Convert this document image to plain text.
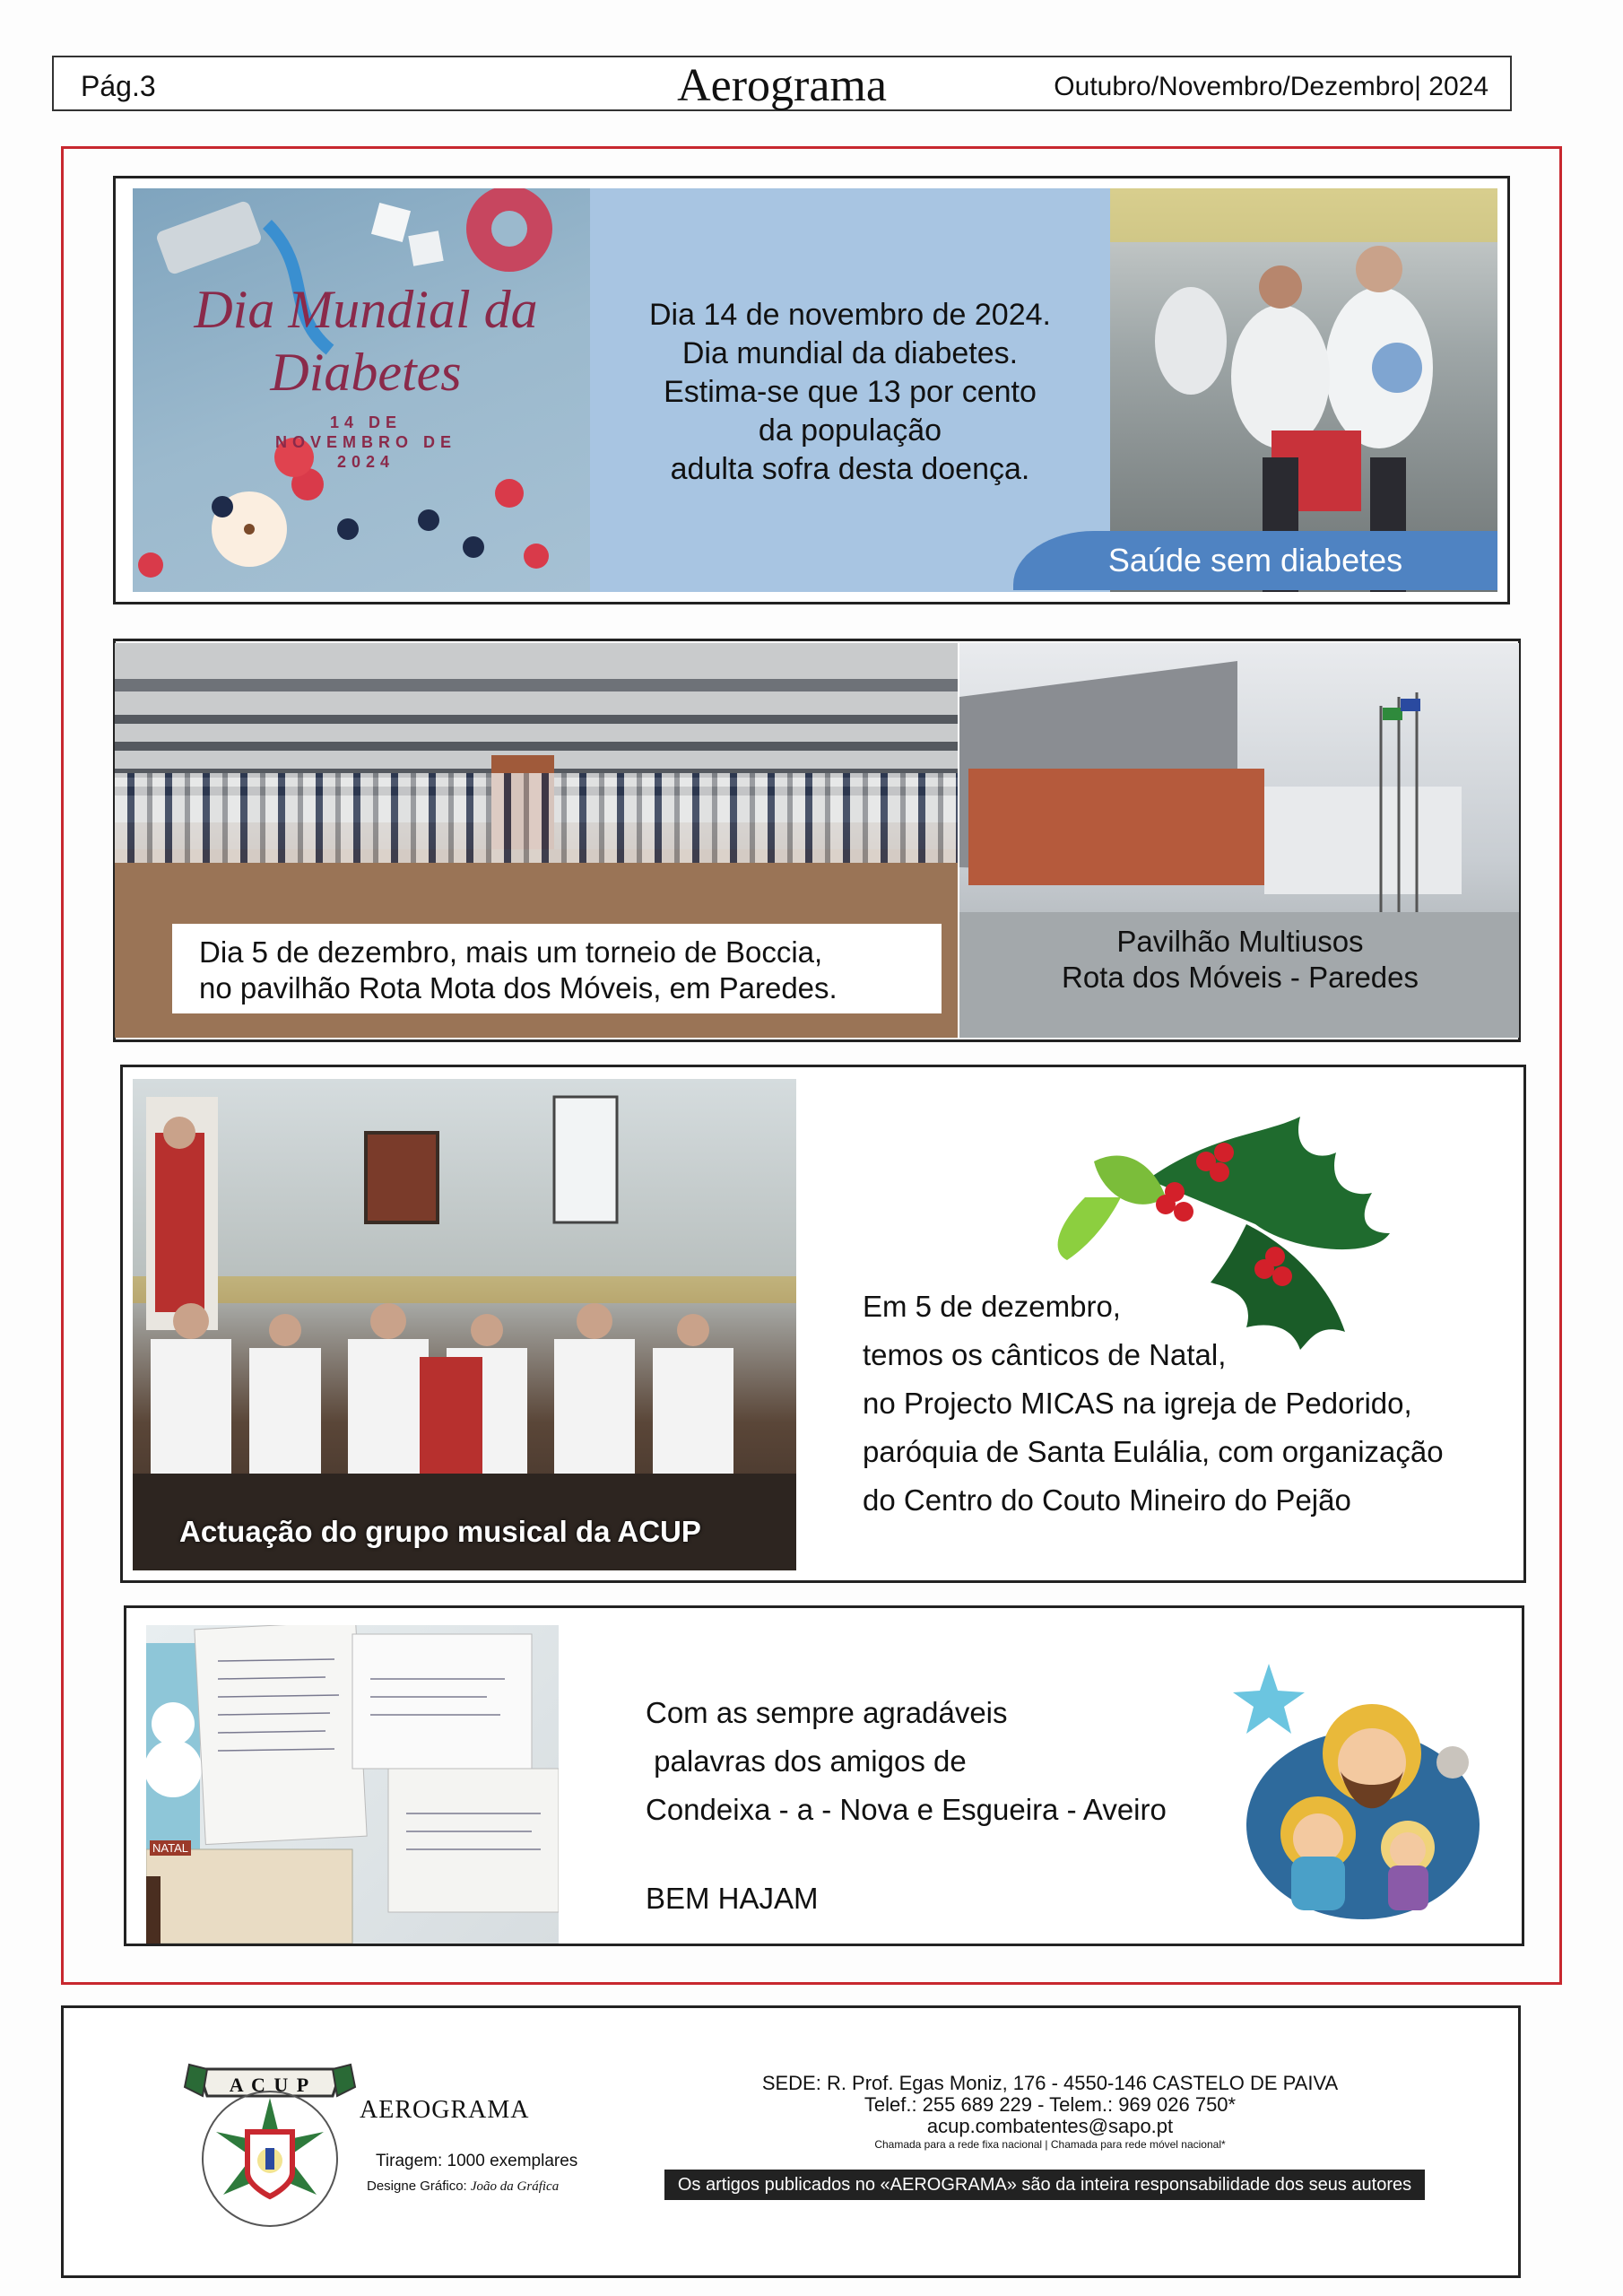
Pág.3	Aerograma	Outubro/Novembro/Dezembro| 2024
Dia Mundial da Diabetes
14 DE
NOVEMBRO DE
2024
Dia 14 de novembro de 2024.
Dia mundial da diabetes.
Estima-se que 13 por cento
da população
adulta sofra desta doença.
Saúde sem diabetes
Dia 5 de dezembro, mais um torneio de Boccia,
no pavilhão Rota Mota dos Móveis, em Paredes.
Pavilhão Multiusos
Rota dos Móveis - Paredes
Actuação do grupo musical da ACUP
Em 5 de dezembro,
temos os cânticos de Natal,
no Projecto MICAS na igreja de Pedorido,
paróquia de Santa Eulália, com organização
do Centro do Couto Mineiro do Pejão
NATAL
Com as sempre agradáveis
palavras dos amigos de
Condeixa - a - Nova e Esgueira - Aveiro
BEM HAJAM
A C U P
AEROGRAMA
Tiragem: 1000 exemplares
Designe Gráfico: João da Gráfica
SEDE: R. Prof. Egas Moniz, 176 - 4550-146 CASTELO DE PAIVA
Telef.: 255 689 229 - Telem.: 969 026 750*
acup.combatentes@sapo.pt
Chamada para a rede fixa nacional | Chamada para rede móvel nacional*
Os artigos publicados no «AEROGRAMA» são da inteira responsabilidade dos seus autores
